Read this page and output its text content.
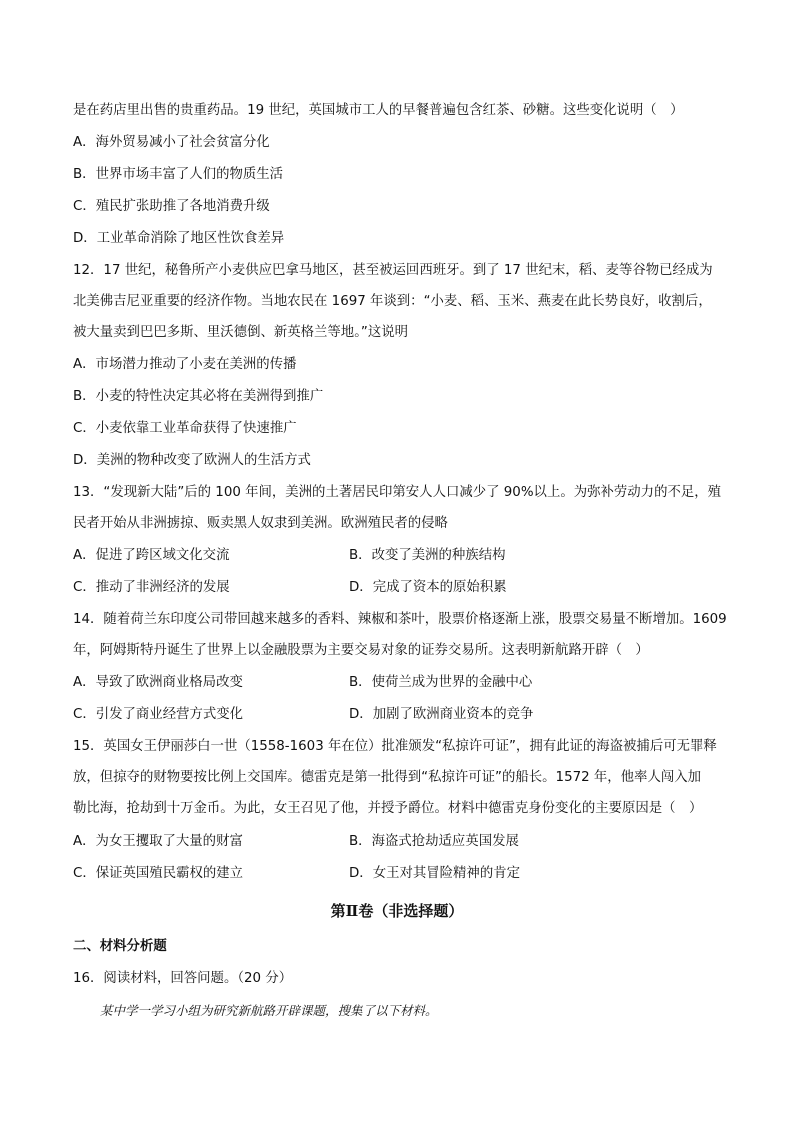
是在药店里出售的贵重药品。19 世纪，英国城市工人的早餐普遍包含红茶、砂糖。这些变化说明（　）
A．海外贸易减小了社会贫富分化
B．世界市场丰富了人们的物质生活
C．殖民扩张助推了各地消费升级
D．工业革命消除了地区性饮食差异
12．17 世纪，秘鲁所产小麦供应巴拿马地区，甚至被运回西班牙。到了 17 世纪末，稻、麦等谷物已经成为
北美佛吉尼亚重要的经济作物。当地农民在 1697 年谈到：“小麦、稻、玉米、燕麦在此长势良好，收割后，
被大量卖到巴巴多斯、里沃德倒、新英格兰等地。”这说明
A．市场潜力推动了小麦在美洲的传播
B．小麦的特性决定其必将在美洲得到推广
C．小麦依靠工业革命获得了快速推广
D．美洲的物种改变了欧洲人的生活方式
13．“发现新大陆”后的 100 年间，美洲的土著居民印第安人人口减少了 90%以上。为弥补劳动力的不足，殖
民者开始从非洲掳掠、贩卖黑人奴隶到美洲。欧洲殖民者的侵略
A．促进了跨区域文化交流	B．改变了美洲的种族结构
C．推动了非洲经济的发展	D．完成了资本的原始积累
14．随着荷兰东印度公司带回越来越多的香料、辣椒和茶叶，股票价格逐渐上涨，股票交易量不断增加。1609
年，阿姆斯特丹诞生了世界上以金融股票为主要交易对象的证券交易所。这表明新航路开辟（　）
A．导致了欧洲商业格局改变	B．使荷兰成为世界的金融中心
C．引发了商业经营方式变化	D．加剧了欧洲商业资本的竞争
15．英国女王伊丽莎白一世（1558-1603 年在位）批准颁发“私掠许可证”，拥有此证的海盗被捕后可无罪释
放，但掠夺的财物要按比例上交国库。德雷克是第一批得到“私掠许可证”的船长。1572 年，他率人闯入加
勒比海，抢劫到十万金币。为此，女王召见了他，并授予爵位。材料中德雷克身份变化的主要原因是（　）
A．为女王攫取了大量的财富	B．海盗式抢劫适应英国发展
C．保证英国殖民霸权的建立	D．女王对其冒险精神的肯定
第Ⅱ卷（非选择题）
二、材料分析题
16．阅读材料，回答问题。（20 分）
某中学一学习小组为研究新航路开辟课题，搜集了以下材料。
